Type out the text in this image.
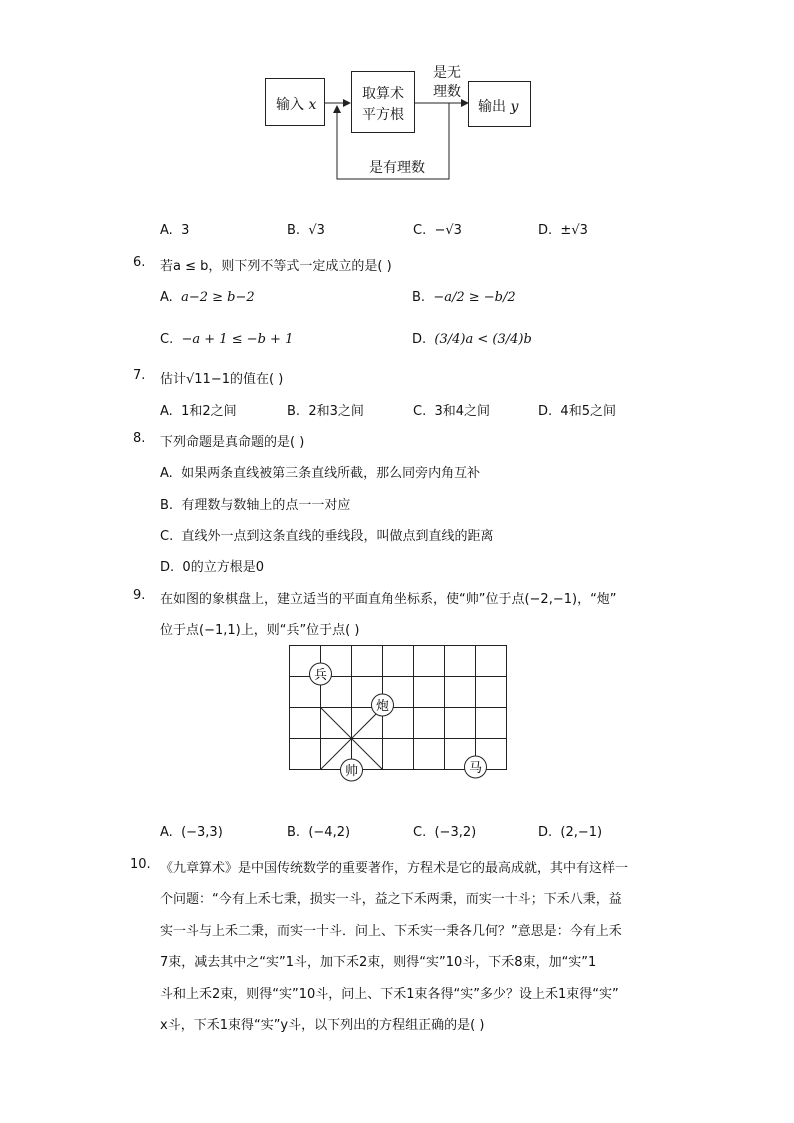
输入 x
取算术
平方根	输出 y
是无
理数
是有理数
A. 3	B. √3	C. −√3	D. ±√3
6. 若a ≤ b，则下列不等式一定成立的是( )
A. a−2 ≥ b−2	B. −a/2 ≥ −b/2
C. −a + 1 ≤ −b + 1	D. (3/4)a < (3/4)b
7. 估计√11−1的值在( )
A. 1和2之间	B. 2和3之间	C. 3和4之间	D. 4和5之间
8. 下列命题是真命题的是( )
A. 如果两条直线被第三条直线所截，那么同旁内角互补
B. 有理数与数轴上的点一一对应
C. 直线外一点到这条直线的垂线段，叫做点到直线的距离
D. 0的立方根是0
9. 在如图的象棋盘上，建立适当的平面直角坐标系，使“帅”位于点(−2,−1)，“炮”
位于点(−1,1)上，则“兵”位于点( )
兵
炮
帅	马
A. (−3,3)	B. (−4,2)	C. (−3,2)	D. (2,−1)
10. 《九章算术》是中国传统数学的重要著作，方程术是它的最高成就，其中有这样一
个问题：“今有上禾七秉，损实一斗，益之下禾两秉，而实一十斗；下禾八秉，益
实一斗与上禾二秉，而实一十斗．问上、下禾实一秉各几何？”意思是：今有上禾
7束，减去其中之“实”1斗，加下禾2束，则得“实”10斗，下禾8束，加“实”1
斗和上禾2束，则得“实”10斗，问上、下禾1束各得“实”多少？设上禾1束得“实”
x斗，下禾1束得“实”y斗，以下列出的方程组正确的是( )
